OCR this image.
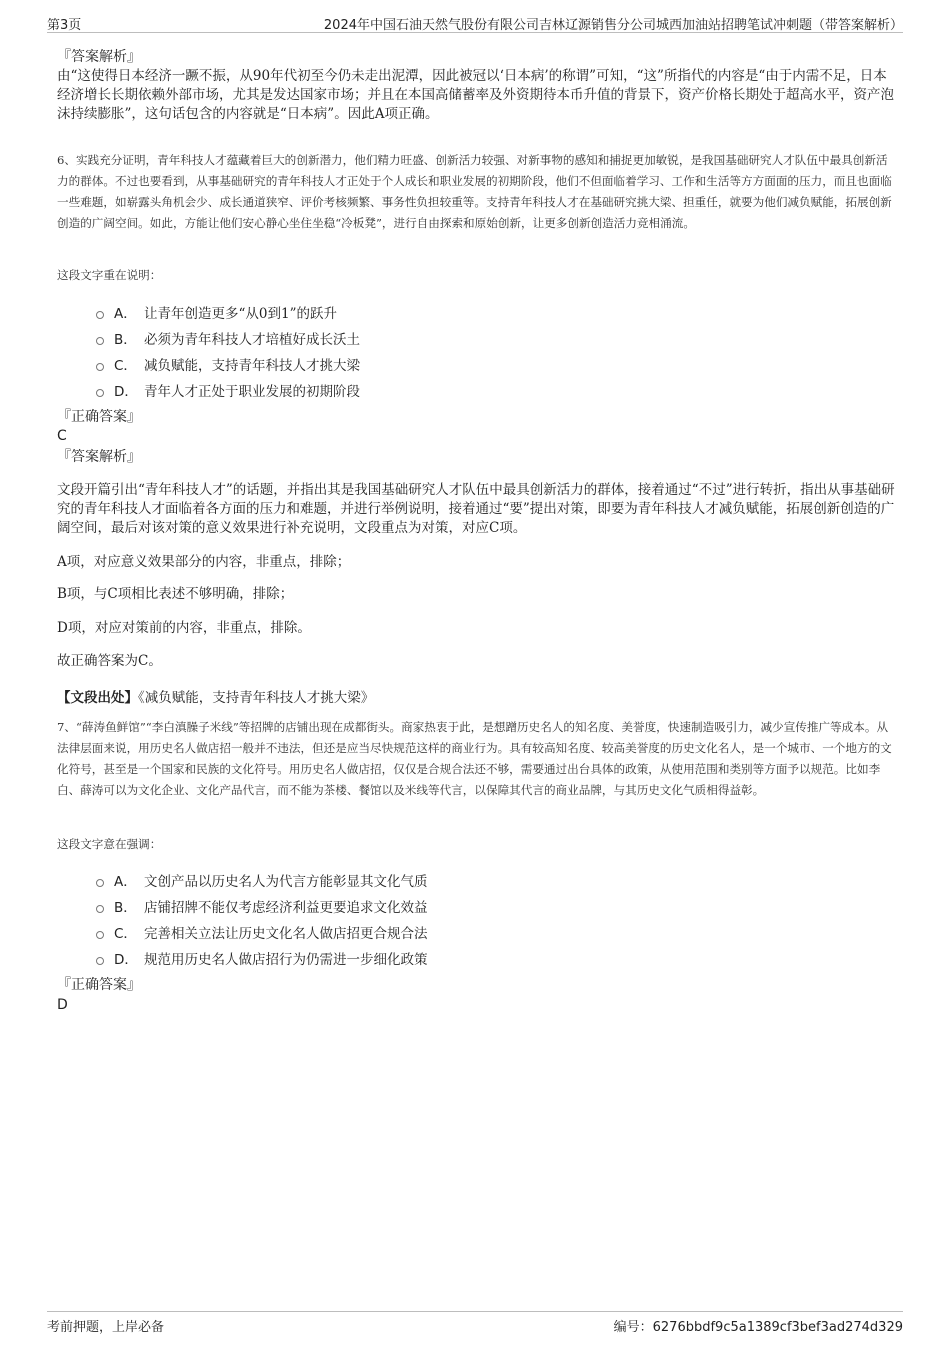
第3页	2024年中国石油天然气股份有限公司吉林辽源销售分公司城西加油站招聘笔试冲刺题（带答案解析）
『答案解析』
由“这使得日本经济一蹶不振，从90年代初至今仍未走出泥潭，因此被冠以‘日本病’的称谓”可知，“这”所指代的内容是“由于内需不足，日本经济增长长期依赖外部市场，尤其是发达国家市场；并且在本国高储蓄率及外资期待本币升值的背景下，资产价格长期处于超高水平，资产泡沫持续膨胀”，这句话包含的内容就是“日本病”。因此A项正确。
6、实践充分证明，青年科技人才蕴藏着巨大的创新潜力，他们精力旺盛、创新活力较强、对新事物的感知和捕捉更加敏锐，是我国基础研究人才队伍中最具创新活力的群体。不过也要看到，从事基础研究的青年科技人才正处于个人成长和职业发展的初期阶段，他们不但面临着学习、工作和生活等方方面面的压力，而且也面临一些难题，如崭露头角机会少、成长通道狭窄、评价考核频繁、事务性负担较重等。支持青年科技人才在基础研究挑大梁、担重任，就要为他们减负赋能，拓展创新创造的广阔空间。如此，方能让他们安心静心坐住坐稳“冷板凳”，进行自由探索和原始创新，让更多创新创造活力竞相涌流。
这段文字重在说明：
A． 让青年创造更多“从0到1”的跃升
B． 必须为青年科技人才培植好成长沃土
C． 减负赋能，支持青年科技人才挑大梁
D． 青年人才正处于职业发展的初期阶段
『正确答案』
C
『答案解析』
文段开篇引出“青年科技人才”的话题，并指出其是我国基础研究人才队伍中最具创新活力的群体，接着通过“不过”进行转折，指出从事基础研究的青年科技人才面临着各方面的压力和难题，并进行举例说明，接着通过“要”提出对策，即要为青年科技人才减负赋能，拓展创新创造的广阔空间，最后对该对策的意义效果进行补充说明，文段重点为对策，对应C项。
A项，对应意义效果部分的内容，非重点，排除；
B项，与C项相比表述不够明确，排除；
D项，对应对策前的内容，非重点，排除。
故正确答案为C。
【文段出处】《减负赋能，支持青年科技人才挑大梁》
7、“薛涛鱼鲜馆”“李白滇臊子米线”等招牌的店铺出现在成都街头。商家热衷于此，是想蹭历史名人的知名度、美誉度，快速制造吸引力，减少宣传推广等成本。从法律层面来说，用历史名人做店招一般并不违法，但还是应当尽快规范这样的商业行为。具有较高知名度、较高美誉度的历史文化名人，是一个城市、一个地方的文化符号，甚至是一个国家和民族的文化符号。用历史名人做店招，仅仅是合规合法还不够，需要通过出台具体的政策，从使用范围和类别等方面予以规范。比如李白、薛涛可以为文化企业、文化产品代言，而不能为茶楼、餐馆以及米线等代言，以保障其代言的商业品牌，与其历史文化气质相得益彰。
这段文字意在强调：
A． 文创产品以历史名人为代言方能彰显其文化气质
B． 店铺招牌不能仅考虑经济利益更要追求文化效益
C． 完善相关立法让历史文化名人做店招更合规合法
D． 规范用历史名人做店招行为仍需进一步细化政策
『正确答案』
D
考前押题，上岸必备	编号：6276bbdf9c5a1389cf3bef3ad274d329
